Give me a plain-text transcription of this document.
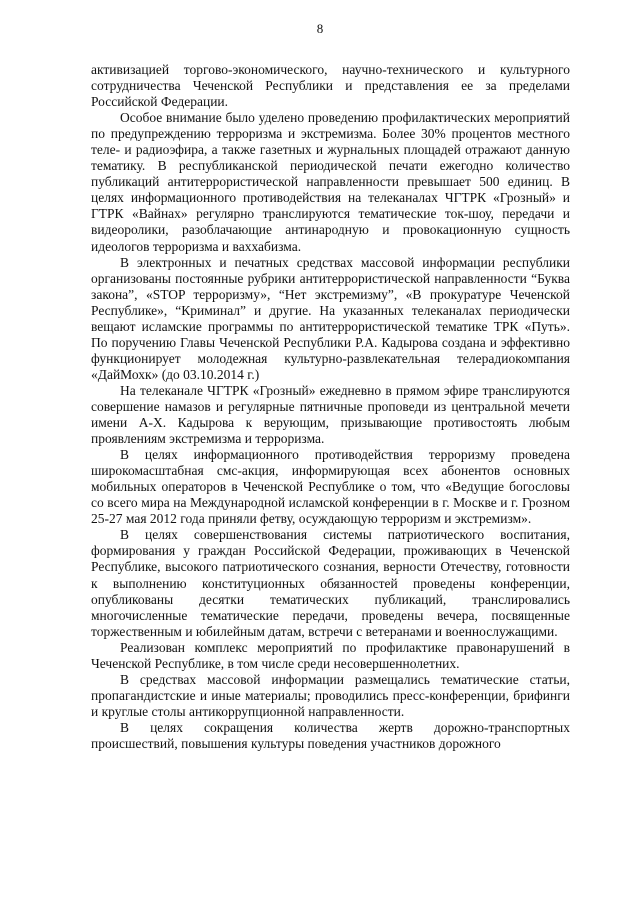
8

активизацией торгово-экономического, научно-технического и культурного сотрудничества Чеченской Республики и представления ее за пределами Российской Федерации.

Особое внимание было уделено проведению профилактических мероприятий по предупреждению терроризма и экстремизма. Более 30% процентов местного теле- и радиоэфира, а также газетных и журнальных площадей отражают данную тематику. В республиканской периодической печати ежегодно количество публикаций антитеррористической направленности превышает 500 единиц. В целях информационного противодействия на телеканалах ЧГТРК «Грозный» и ГТРК «Вайнах» регулярно транслируются тематические ток-шоу, передачи и видеоролики, разоблачающие антинародную и провокационную сущность идеологов терроризма и ваххабизма.

В электронных и печатных средствах массовой информации республики организованы постоянные рубрики антитеррористической направленности “Буква закона”, «STOP терроризму», “Нет экстремизму”, «В прокуратуре Чеченской Республике», “Криминал” и другие. На указанных телеканалах периодически вещают исламские программы по антитеррористической тематике ТРК «Путь». По поручению Главы Чеченской Республики Р.А. Кадырова создана и эффективно функционирует молодежная культурно-развлекательная телерадиокомпания «ДайМохк» (до 03.10.2014 г.)

На телеканале ЧГТРК «Грозный» ежедневно в прямом эфире транслируются совершение намазов и регулярные пятничные проповеди из центральной мечети имени А-Х. Кадырова к верующим, призывающие противостоять любым проявлениям экстремизма и терроризма.

В целях информационного противодействия терроризму проведена широкомасштабная смс-акция, информирующая всех абонентов основных мобильных операторов в Чеченской Республике о том, что «Ведущие богословы со всего мира на Международной исламской конференции в г. Москве и г. Грозном 25-27 мая 2012 года приняли фетву, осуждающую терроризм и экстремизм».

В целях совершенствования системы патриотического воспитания, формирования у граждан Российской Федерации, проживающих в Чеченской Республике, высокого патриотического сознания, верности Отечеству, готовности к выполнению конституционных обязанностей проведены конференции, опубликованы десятки тематических публикаций, транслировались многочисленные тематические передачи, проведены вечера, посвященные торжественным и юбилейным датам, встречи с ветеранами и военнослужащими.

Реализован комплекс мероприятий по профилактике правонарушений в Чеченской Республике, в том числе среди несовершеннолетних.

В средствах массовой информации размещались тематические статьи, пропагандистские и иные материалы; проводились пресс-конференции, брифинги и круглые столы антикоррупционной направленности.

В целях сокращения количества жертв дорожно-транспортных происшествий, повышения культуры поведения участников дорожного
